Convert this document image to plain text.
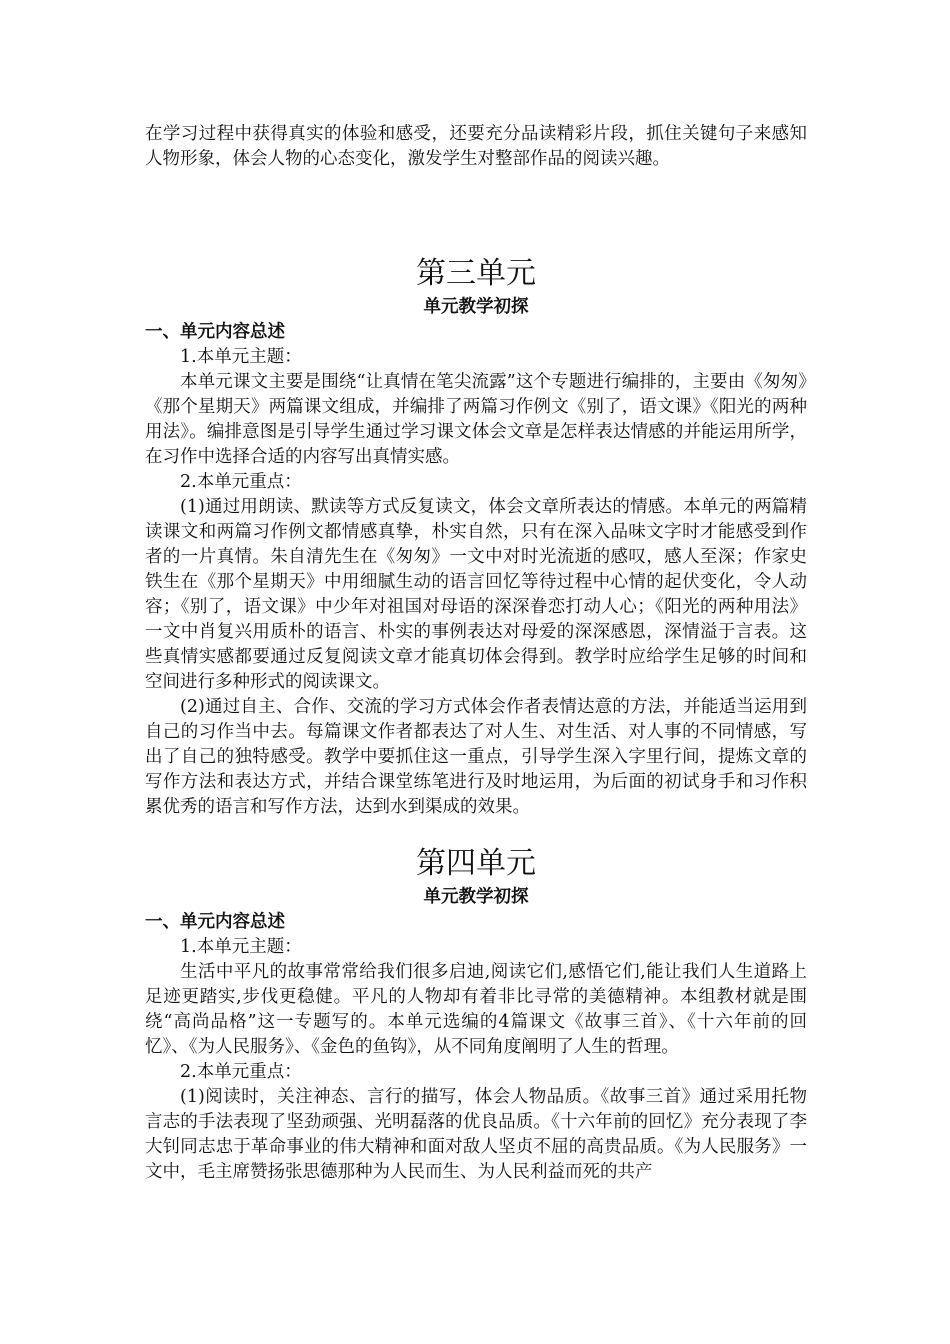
在学习过程中获得真实的体验和感受，还要充分品读精彩片段，抓住关键句子来感知人物形象，体会人物的心态变化，激发学生对整部作品的阅读兴趣。

第三单元
单元教学初探
一、单元内容总述

1.本单元主题：

本单元课文主要是围绕“让真情在笔尖流露”这个专题进行编排的，主要由《匆匆》《那个星期天》两篇课文组成，并编排了两篇习作例文《别了，语文课》《阳光的两种用法》。编排意图是引导学生通过学习课文体会文章是怎样表达情感的并能运用所学，在习作中选择合适的内容写出真情实感。

2.本单元重点：

(1)通过用朗读、默读等方式反复读文，体会文章所表达的情感。本单元的两篇精读课文和两篇习作例文都情感真挚，朴实自然，只有在深入品味文字时才能感受到作者的一片真情。朱自清先生在《匆匆》一文中对时光流逝的感叹，感人至深；作家史铁生在《那个星期天》中用细腻生动的语言回忆等待过程中心情的起伏变化，令人动容；《别了，语文课》中少年对祖国对母语的深深眷恋打动人心；《阳光的两种用法》一文中肖复兴用质朴的语言、朴实的事例表达对母爱的深深感恩，深情溢于言表。这些真情实感都要通过反复阅读文章才能真切体会得到。教学时应给学生足够的时间和空间进行多种形式的阅读课文。

(2)通过自主、合作、交流的学习方式体会作者表情达意的方法，并能适当运用到自己的习作当中去。每篇课文作者都表达了对人生、对生活、对人事的不同情感，写出了自己的独特感受。教学中要抓住这一重点，引导学生深入字里行间，提炼文章的写作方法和表达方式，并结合课堂练笔进行及时地运用，为后面的初试身手和习作积累优秀的语言和写作方法，达到水到渠成的效果。

第四单元
单元教学初探
一、单元内容总述

1.本单元主题：

生活中平凡的故事常常给我们很多启迪,阅读它们,感悟它们,能让我们人生道路上足迹更踏实,步伐更稳健。平凡的人物却有着非比寻常的美德精神。本组教材就是围绕“高尚品格”这一专题写的。本单元选编的4篇课文《故事三首》、《十六年前的回忆》、《为人民服务》、《金色的鱼钩》，从不同角度阐明了人生的哲理。

2.本单元重点：

(1)阅读时，关注神态、言行的描写，体会人物品质。《故事三首》通过采用托物言志的手法表现了坚劲顽强、光明磊落的优良品质。《十六年前的回忆》充分表现了李大钊同志忠于革命事业的伟大精神和面对敌人坚贞不屈的高贵品质。《为人民服务》一文中，毛主席赞扬张思德那种为人民而生、为人民利益而死的共产
